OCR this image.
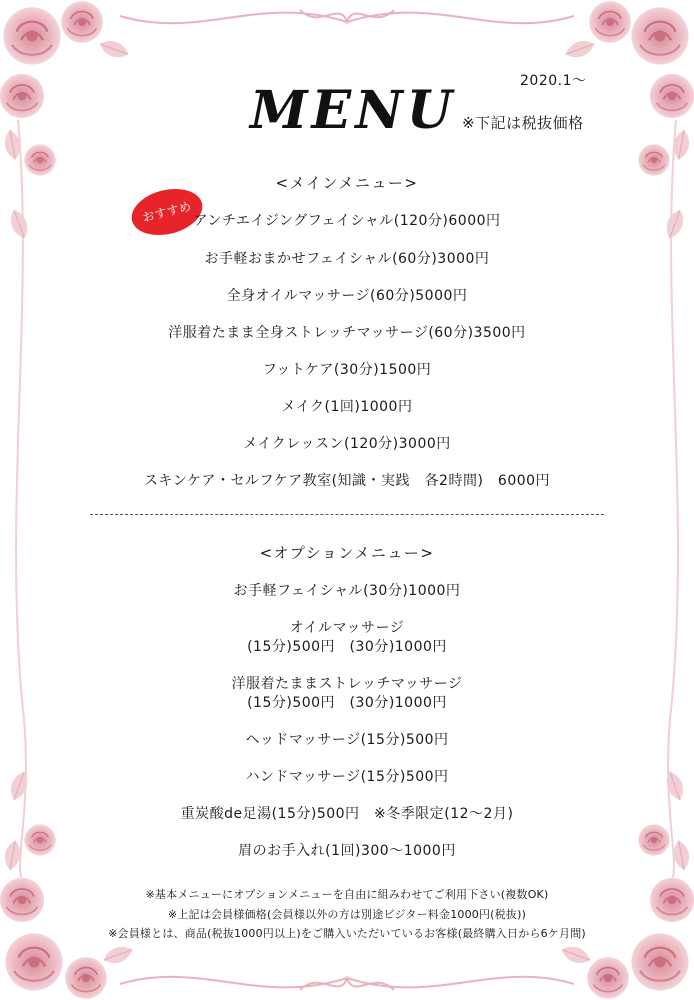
2020.1〜
MENU ※下記は税抜価格
<メインメニュー>
おすすめ アンチエイジングフェイシャル(120分)6000円
お手軽おまかせフェイシャル(60分)3000円
全身オイルマッサージ(60分)5000円
洋服着たまま全身ストレッチマッサージ(60分)3500円
フットケア(30分)1500円
メイク(1回)1000円
メイクレッスン(120分)3000円
スキンケア・セルフケア教室(知識・実践　各2時間)　6000円
<オプションメニュー>
お手軽フェイシャル(30分)1000円
オイルマッサージ
(15分)500円　(30分)1000円
洋服着たままストレッチマッサージ
(15分)500円　(30分)1000円
ヘッドマッサージ(15分)500円
ハンドマッサージ(15分)500円
重炭酸de足湯(15分)500円　※冬季限定(12〜2月)
眉のお手入れ(1回)300〜1000円
※基本メニューにオプションメニューを自由に組みわせてご利用下さい(複数OK)
※上記は会員様価格(会員様以外の方は別途ビジター料金1000円(税抜))
※会員様とは、商品(税抜1000円以上)をご購入いただいているお客様(最終購入日から6ケ月間)
